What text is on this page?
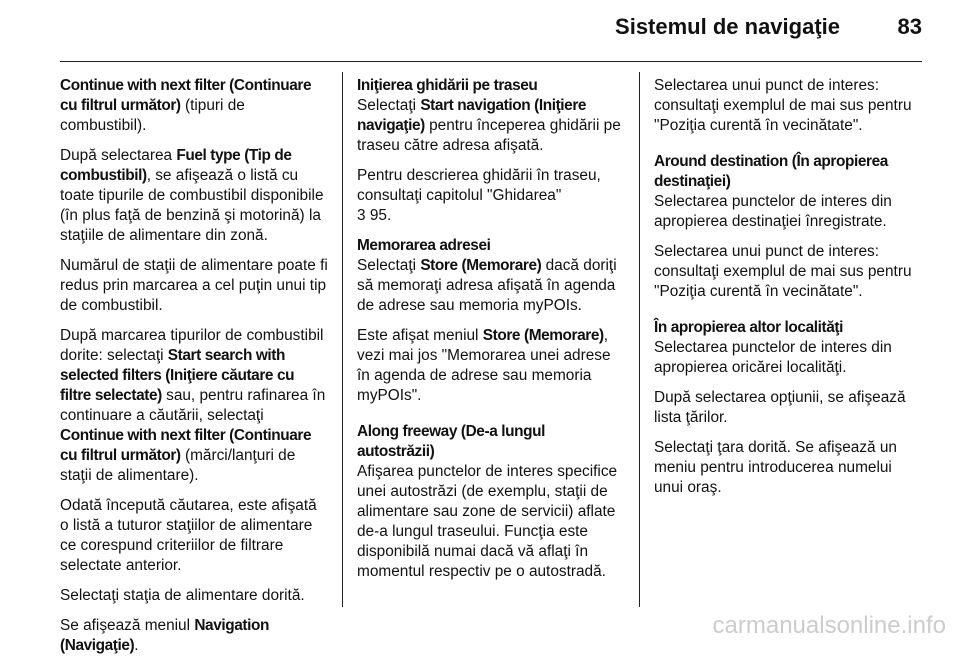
Sistemul de navigaţie	83

Continue with next filter (Continuare cu filtrul următor) (tipuri de combustibil).

După selectarea Fuel type (Tip de combustibil), se afişează o listă cu toate tipurile de combustibil disponibile (în plus faţă de benzină şi motorină) la staţiile de alimentare din zonă.

Numărul de staţii de alimentare poate fi redus prin marcarea a cel puţin unui tip de combustibil.

După marcarea tipurilor de combustibil dorite: selectaţi Start search with selected filters (Iniţiere căutare cu filtre selectate) sau, pentru rafinarea în continuare a căutării, selectaţi Continue with next filter (Continuare cu filtrul următor) (mărci/lanţuri de staţii de alimentare).

Odată începută căutarea, este afişată o listă a tuturor staţiilor de alimentare ce corespund criteriilor de filtrare selectate anterior.

Selectaţi staţia de alimentare dorită.

Se afişează meniul Navigation (Navigaţie).

Iniţierea ghidării pe traseu
Selectaţi Start navigation (Iniţiere navigaţie) pentru începerea ghidării pe traseu către adresa afişată.

Pentru descrierea ghidării în traseu, consultaţi capitolul "Ghidarea"
3 95.

Memorarea adresei
Selectaţi Store (Memorare) dacă doriţi să memoraţi adresa afişată în agenda de adrese sau memoria myPOIs.

Este afişat meniul Store (Memorare), vezi mai jos "Memorarea unei adrese în agenda de adrese sau memoria myPOIs".

Along freeway (De-a lungul autostrăzii)
Afişarea punctelor de interes specifice unei autostrăzi (de exemplu, staţii de alimentare sau zone de servicii) aflate de-a lungul traseului. Funcţia este disponibilă numai dacă vă aflaţi în momentul respectiv pe o autostradă.

Selectarea unui punct de interes: consultaţi exemplul de mai sus pentru "Poziţia curentă în vecinătate".

Around destination (În apropierea destinaţiei)
Selectarea punctelor de interes din apropierea destinaţiei înregistrate.

Selectarea unui punct de interes: consultaţi exemplul de mai sus pentru "Poziţia curentă în vecinătate".

În apropierea altor localităţi
Selectarea punctelor de interes din apropierea oricărei localităţi.

După selectarea opţiunii, se afişează lista ţărilor.

Selectaţi ţara dorită. Se afişează un meniu pentru introducerea numelui unui oraş.

carmanualsonline.info
